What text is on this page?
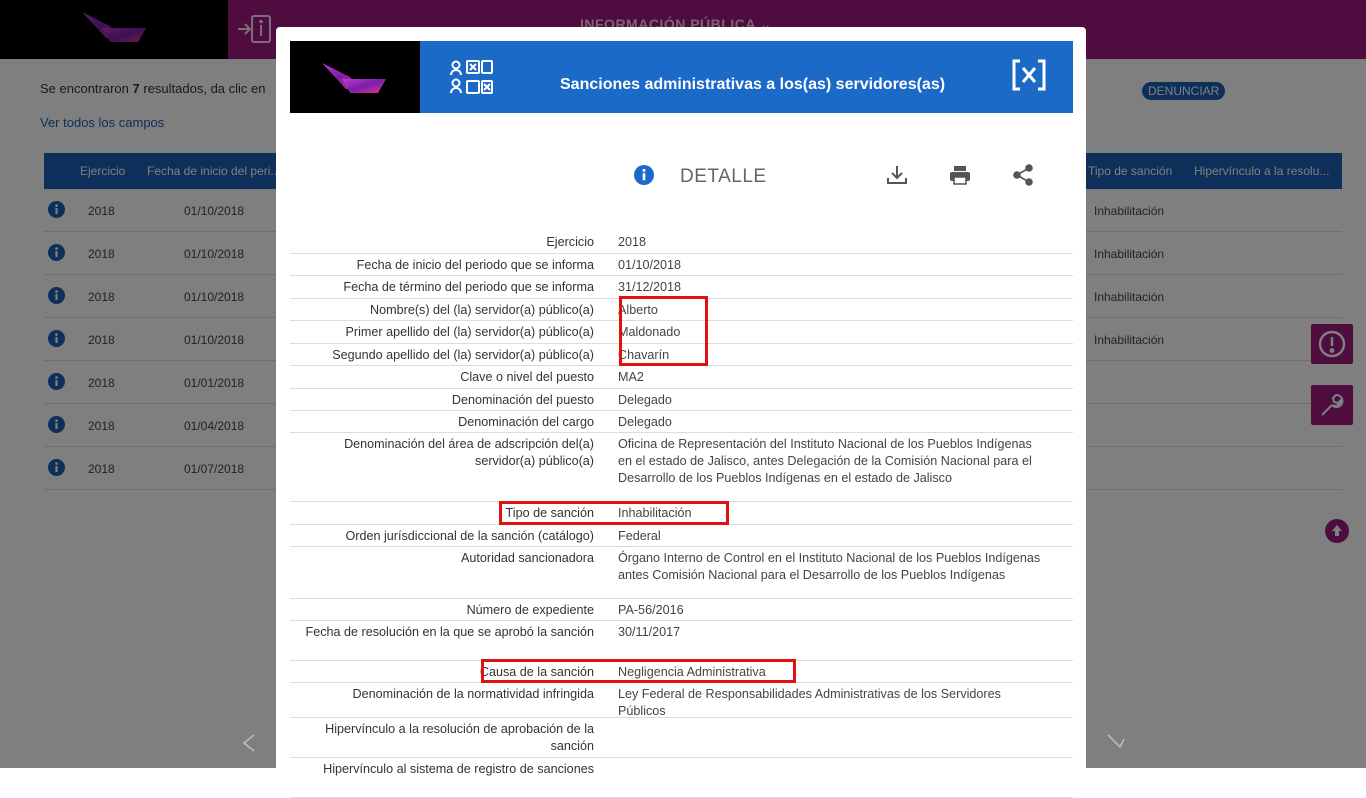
Sanciones administrativas a los(as) servidores(as)
DETALLE
Ejercicio	2018
Fecha de inicio del periodo que se informa	01/10/2018
Fecha de término del periodo que se informa	31/12/2018
Nombre(s) del (la) servidor(a) público(a)	Alberto
Primer apellido del (la) servidor(a) público(a)	Maldonado
Segundo apellido del (la) servidor(a) público(a)	Chavarín
Clave o nivel del puesto	MA2
Denominación del puesto	Delegado
Denominación del cargo	Delegado
Denominación del área de adscripción del(a) servidor(a) público(a)
Oficina de Representación del Instituto Nacional de los Pueblos Indígenas en el estado de Jalisco, antes Delegación de la Comisión Nacional para el Desarrollo de los Pueblos Indígenas en el estado de Jalisco
Tipo de sanción	Inhabilitación
Orden jurísdiccional de la sanción (catálogo)	Federal
Autoridad sancionadora	Órgano Interno de Control en el Instituto Nacional de los Pueblos Indígenas antes Comisión Nacional para el Desarrollo de los Pueblos Indígenas
Número de expediente	PA-56/2016
Fecha de resolución en la que se aprobó la sanción	30/11/2017
Causa de la sanción	Negligencia Administrativa
Denominación de la normatividad infringida	Ley Federal de Responsabilidades Administrativas de los Servidores Públicos
Hipervínculo a la resolución de aprobación de la sanción
Hipervínculo al sistema de registro de sanciones
